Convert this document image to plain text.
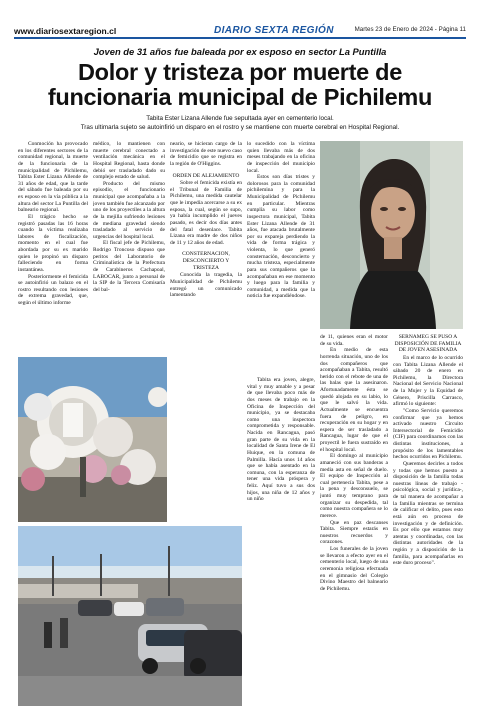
www.diariosextaregion.cl	DIARIO SEXTA REGIÓN	Martes 23 de Enero de 2024 - Página 11
Joven de 31 años fue baleada por ex esposo en sector La Puntilla
Dolor y tristeza por muerte de
funcionaria municipal de Pichilemu
Tabita Ester Lizana Allende fue sepultada ayer en cementerio local.
Tras ultimarla sujeto se autoinfirió un disparo en el rostro y se mantiene con muerte cerebral en Hospital Regional.

Conmoción ha provocado en los diferentes sectores de la comunidad regional, la muerte de la funcionaria de la municipalidad de Pichilemu, Tabita Ester Lizana Allende de 31 años de edad, que la tarde del sábado fue baleada por su ex esposo en la vía pública a la altura del sector La Puntilla del balneario regional.

El trágico hecho se registró pasadas las 16 horas cuando la víctima realizaba labores de fiscalización, momento en el cual fue abordada por su ex marido quien le propinó un disparo falleciendo en forma instantánea.

Posteriormente el femicida se autoinfirió un balazo en el rostro resultando con lesiones de extrema gravedad, que, según el último informe

médico, lo mantienen con muerte cerebral conectado a ventilación mecánica en el Hospital Regional, hasta donde debió ser trasladado dado su complejo estado de salud.

Producto del mismo episodio, el funcionario municipal que acompañaba a la joven también fue alcanzado por uno de los proyectiles a la altura de la mejilla sufriendo lesiones de mediana gravedad siendo trasladado al servicio de urgencias del hospital local.

El fiscal jefe de Pichilemu, Rodrigo Troncoso dispuso que peritos del Laboratorio de Criminalística de la Prefectura de Carabineros Cachapoal, LABOCAR, junto a personal de la SIP de la Tercera Comisaría del bal-

neario, se hicieran cargo de la investigación de este nuevo caso de femicidio que se registra en la región de O'Higgins.

ORDEN DE ALEJAMIENTO

Sobre el femicida existía en el Tribunal de Familia de Pichilemu, una medida cautelar que le impedía acercarse a su ex esposa, la cual, según se supo, ya había incumplido el jueves pasado, es decir dos días antes del fatal desenlace. Tabita Lizana era madre de dos niños de 11 y 12 años de edad.

CONSTERNACION, DESCONCIERTO Y TRISTEZA

Conocida la tragedia, la Municipalidad de Pichilemu entregó un comunicado lamentando

lo sucedido con la víctima quien llevaba más de dos meses trabajando en la oficina de inspección del municipio local.

Estos son días tristes y dolorosos para la comunidad pichilemina y para la Municipalidad de Pichilemu en particular. Mientras cumplía su labor como inspectora municipal, Tabita Ester Lizana Allende de 31 años, fue atacada brutalmente por su expareja perdiendo la vida de forma trágica y violenta, lo que generó consternación, desconcierto y mucha tristeza, especialmente para sus compañeros que la acompañaban en ese momento y luego para la familia y comunidad, a medida que la noticia fue expandiéndose.

Tabita era joven, alegre, vital y muy amable y a pesar de que llevaba poco más de dos meses de trabajo en la Oficina de Inspección del municipio, ya se destacaba como una inspectora comprometida y responsable. Nacida en Rancagua, pasó gran parte de su vida en la localidad de Santa Irene de El Huique, en la comuna de Palmilla. Hacía unos 14 años que se había asentado en la comuna, con la esperanza de tener una vida próspera y feliz. Aquí tuvo a sus dos hijos, una niña de 12 años y un niño

de 11, quienes eran el motor de su vida.

En medio de esta horrenda situación, uno de los dos compañeros que acompañaban a Tabita, resultó herido con el rebote de una de las balas que la asesinaron. Afortunadamente ésta se quedó alojada en su labio, lo que le salvó la vida. Actualmente se encuentra fuera de peligro, en recuperación en su hogar y en espera de ser trasladado a Rancagua, lugar de que el proyectil le fuera sustraído en el hospital local.

El domingo al municipio amaneció con sus banderas a media asta en señal de duelo. El equipo de Inspección al cual pertenecía Tabita, pese a la pena y desconsuelo, se juntó muy temprano para organizar su despedida, tal como nuestra compañera se lo merece.

Que en paz descanses Tabita. Siempre estarás en nuestros recuerdos y corazones.

Los funerales de la joven se llevaron a efecto ayer en el cementerio local, luego de una ceremonia religiosa efectuada en el gimnasio del Colegio Divino Maestro del balneario de Pichilemu.

SERNAMEG SE PUSO A DISPOSICIÓN DE FAMILIA DE JOVEN ASESINADA

En el marco de lo ocurrido con Tabita Lizana Allende el sábado 20 de enero en Pichilemu, la Directora Nacional del Servicio Nacional de la Mujer y la Equidad de Género, Priscilla Carrasco, afirmó lo siguiente:

"Como Servicio queremos confirmar que ya hemos activado nuestro Circuito Intersectorial de Femicidio (CIF) para coordinarnos con las distintas instituciones, a propósito de los lamentables hechos ocurridos en Pichilemu.

Queremos decirles a todos y todas que hemos puesto a disposición de la familia todas nuestras líneas de trabajo -psicológica, social y jurídica-, de tal manera de acompañar a la familia mientras se termina de calificar el delito, pues esto está aún en proceso de investigación y de definición. Es por ello que estamos muy atentas y coordinadas, con las distintas autoridades de la región y a disposición de la familia, para acompañarlas en este duro proceso".
